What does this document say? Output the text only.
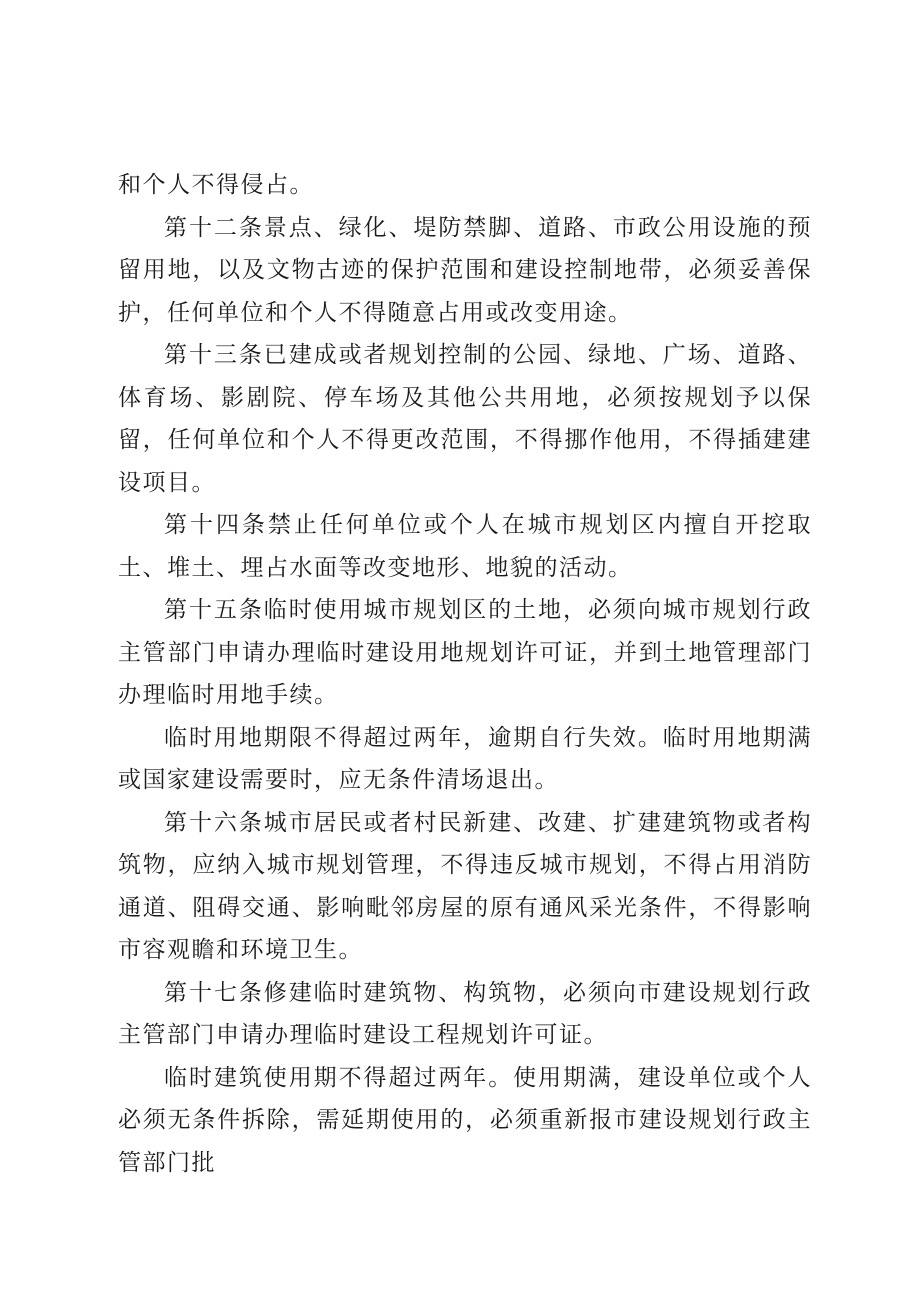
和个人不得侵占。

第十二条景点、绿化、堤防禁脚、道路、市政公用设施的预留用地，以及文物古迹的保护范围和建设控制地带，必须妥善保护，任何单位和个人不得随意占用或改变用途。

第十三条已建成或者规划控制的公园、绿地、广场、道路、体育场、影剧院、停车场及其他公共用地，必须按规划予以保留，任何单位和个人不得更改范围，不得挪作他用，不得插建建设项目。

第十四条禁止任何单位或个人在城市规划区内擅自开挖取土、堆土、埋占水面等改变地形、地貌的活动。

第十五条临时使用城市规划区的土地，必须向城市规划行政主管部门申请办理临时建设用地规划许可证，并到土地管理部门办理临时用地手续。

临时用地期限不得超过两年，逾期自行失效。临时用地期满或国家建设需要时，应无条件清场退出。

第十六条城市居民或者村民新建、改建、扩建建筑物或者构筑物，应纳入城市规划管理，不得违反城市规划，不得占用消防通道、阻碍交通、影响毗邻房屋的原有通风采光条件，不得影响市容观瞻和环境卫生。

第十七条修建临时建筑物、构筑物，必须向市建设规划行政主管部门申请办理临时建设工程规划许可证。

临时建筑使用期不得超过两年。使用期满，建设单位或个人必须无条件拆除，需延期使用的，必须重新报市建设规划行政主管部门批
